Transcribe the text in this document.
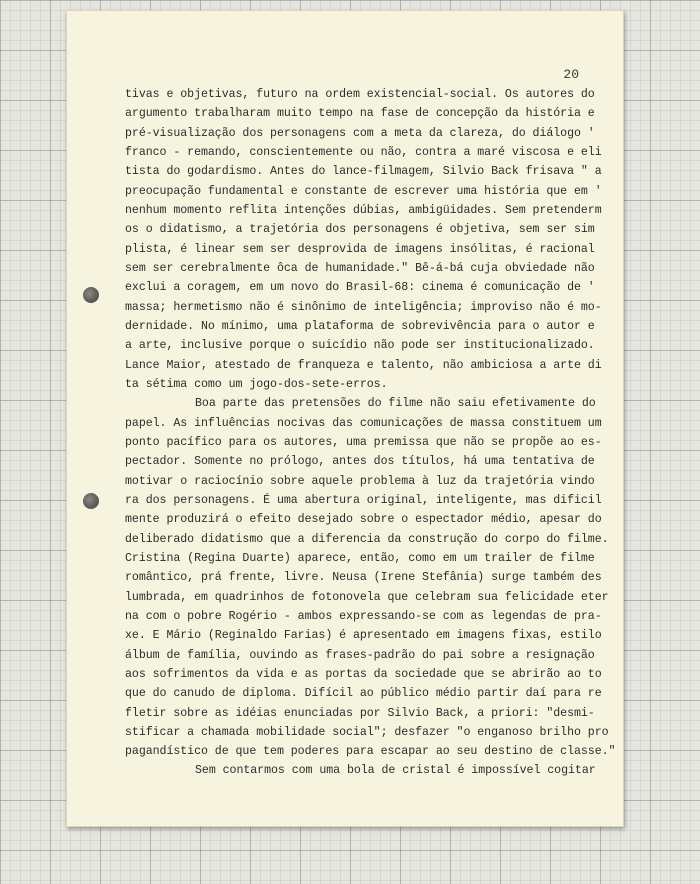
20
tivas e objetivas, futuro na ordem existencial-social. Os autores do
argumento trabalharam muito tempo na fase de concepção da história e
pré-visualização dos personagens com a meta da clareza, do diálogo '
franco - remando, conscientemente ou não, contra a maré viscosa e eli
tista do godardismo. Antes do lance-filmagem, Silvio Back frisava " a
preocupação fundamental e constante de escrever uma história que em '
nenhum momento reflita intenções dúbias, ambigüidades. Sem pretenderm
os o didatismo, a trajetória dos personagens é objetiva, sem ser sim
plista, é linear sem ser desprovida de imagens insólitas, é racional
sem ser cerebralmente ôca de humanidade." Bê-á-bá cuja obviedade não
exclui a coragem, em um novo do Brasil-68: cinema é comunicação de '
massa; hermetismo não é sinônimo de inteligência; improviso não é mo-
dernidade. No mínimo, uma plataforma de sobrevivência para o autor e
a arte, inclusive porque o suicídio não pode ser institucionalizado.
Lance Maior, atestado de franqueza e talento, não ambiciosa a arte di
ta sétima como um jogo-dos-sete-erros.
Boa parte das pretensões do filme não saiu efetivamente do
papel. As influências nocivas das comunicações de massa constituem um
ponto pacífico para os autores, uma premissa que não se propõe ao es-
pectador. Somente no prólogo, antes dos títulos, há uma tentativa de
motivar o raciocínio sobre aquele problema à luz da trajetória vindo
ra dos personagens. É uma abertura original, inteligente, mas dificil
mente produzirá o efeito desejado sobre o espectador médio, apesar do
deliberado didatismo que a diferencia da construção do corpo do filme.
Cristina (Regina Duarte) aparece, então, como em um trailer de filme
romântico, prá frente, livre. Neusa (Irene Stefânia) surge também des
lumbrada, em quadrinhos de fotonovela que celebram sua felicidade eter
na com o pobre Rogério - ambos expressando-se com as legendas de pra-
xe. E Mário (Reginaldo Farias) é apresentado em imagens fixas, estilo
álbum de família, ouvindo as frases-padrão do pai sobre a resignação
aos sofrimentos da vida e as portas da sociedade que se abrirão ao to
que do canudo de diploma. Difícil ao público médio partir daí para re
fletir sobre as idéias enunciadas por Silvio Back, a priori: "desmi-
stificar a chamada mobilidade social"; desfazer "o enganoso brilho pro
pagandístico de que tem poderes para escapar ao seu destino de classe."
Sem contarmos com uma bola de cristal é impossível cogitar
